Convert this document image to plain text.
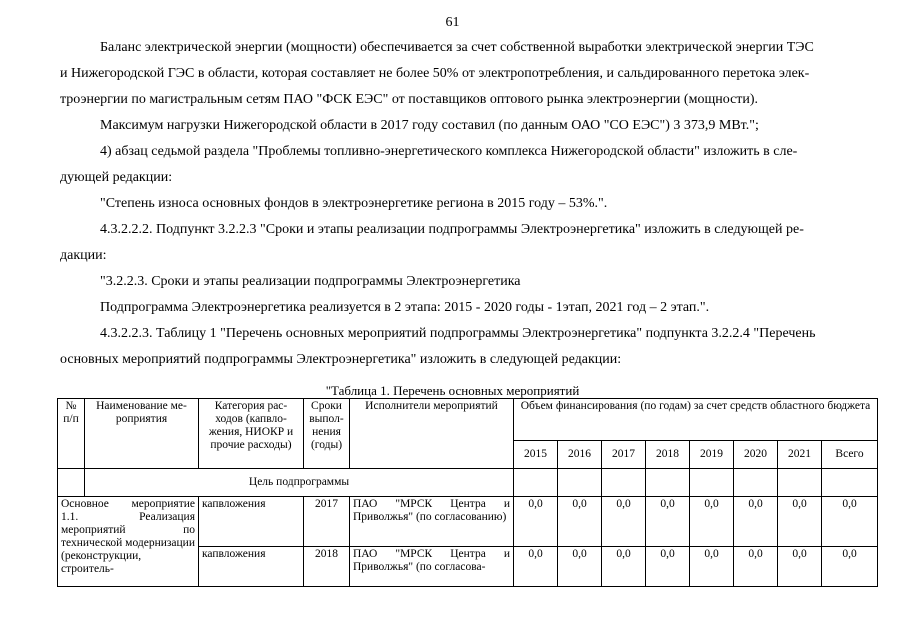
61
Баланс электрической энергии (мощности) обеспечивается за счет собственной выработки электрической энергии ТЭС
и Нижегородской ГЭС в области, которая составляет не более 50% от электропотребления, и сальдированного перетока элек-
троэнергии по магистральным сетям ПАО "ФСК ЕЭС" от поставщиков оптового рынка электроэнергии (мощности).
Максимум нагрузки Нижегородской области в 2017 году составил (по данным ОАО "СО ЕЭС") 3 373,9 МВт.";
4) абзац седьмой раздела "Проблемы топливно-энергетического комплекса Нижегородской области" изложить в сле-
дующей редакции:
"Степень износа основных фондов в электроэнергетике региона в 2015 году – 53%.".
4.3.2.2.2. Подпункт 3.2.2.3 "Сроки и этапы реализации подпрограммы Электроэнергетика" изложить в следующей ре-
дакции:
"3.2.2.3. Сроки и этапы реализации подпрограммы Электроэнергетика
Подпрограмма Электроэнергетика реализуется в 2 этапа: 2015 - 2020 годы - 1этап, 2021 год – 2 этап.".
4.3.2.2.3. Таблицу 1 "Перечень основных мероприятий подпрограммы Электроэнергетика" подпункта 3.2.2.4 "Перечень
основных мероприятий подпрограммы Электроэнергетика" изложить в следующей редакции:
"Таблица 1. Перечень основных мероприятий
№ п/п	Наименование ме-роприятия	Категория рас-ходов (капвло-жения, НИОКР и прочие расходы)	Сроки выпол-нения (годы)	Исполнители мероприятий	Объем финансирования (по годам) за счет средств областного бюджета							
					2015	2016	2017	2018	2019	2020	2021	Всего
	Цель подпрограммы											
Основное мероприятие 1.1. Реализация мероприятий по технической модернизации (реконструкции, строитель-		капвложения	2017	ПАО "МРСК Центра и Приволжья" (по согласованию)	0,0	0,0	0,0	0,0	0,0	0,0	0,0	0,0
		капвложения	2018	ПАО "МРСК Центра и Приволжья" (по согласова-	0,0	0,0	0,0	0,0	0,0	0,0	0,0	0,0
